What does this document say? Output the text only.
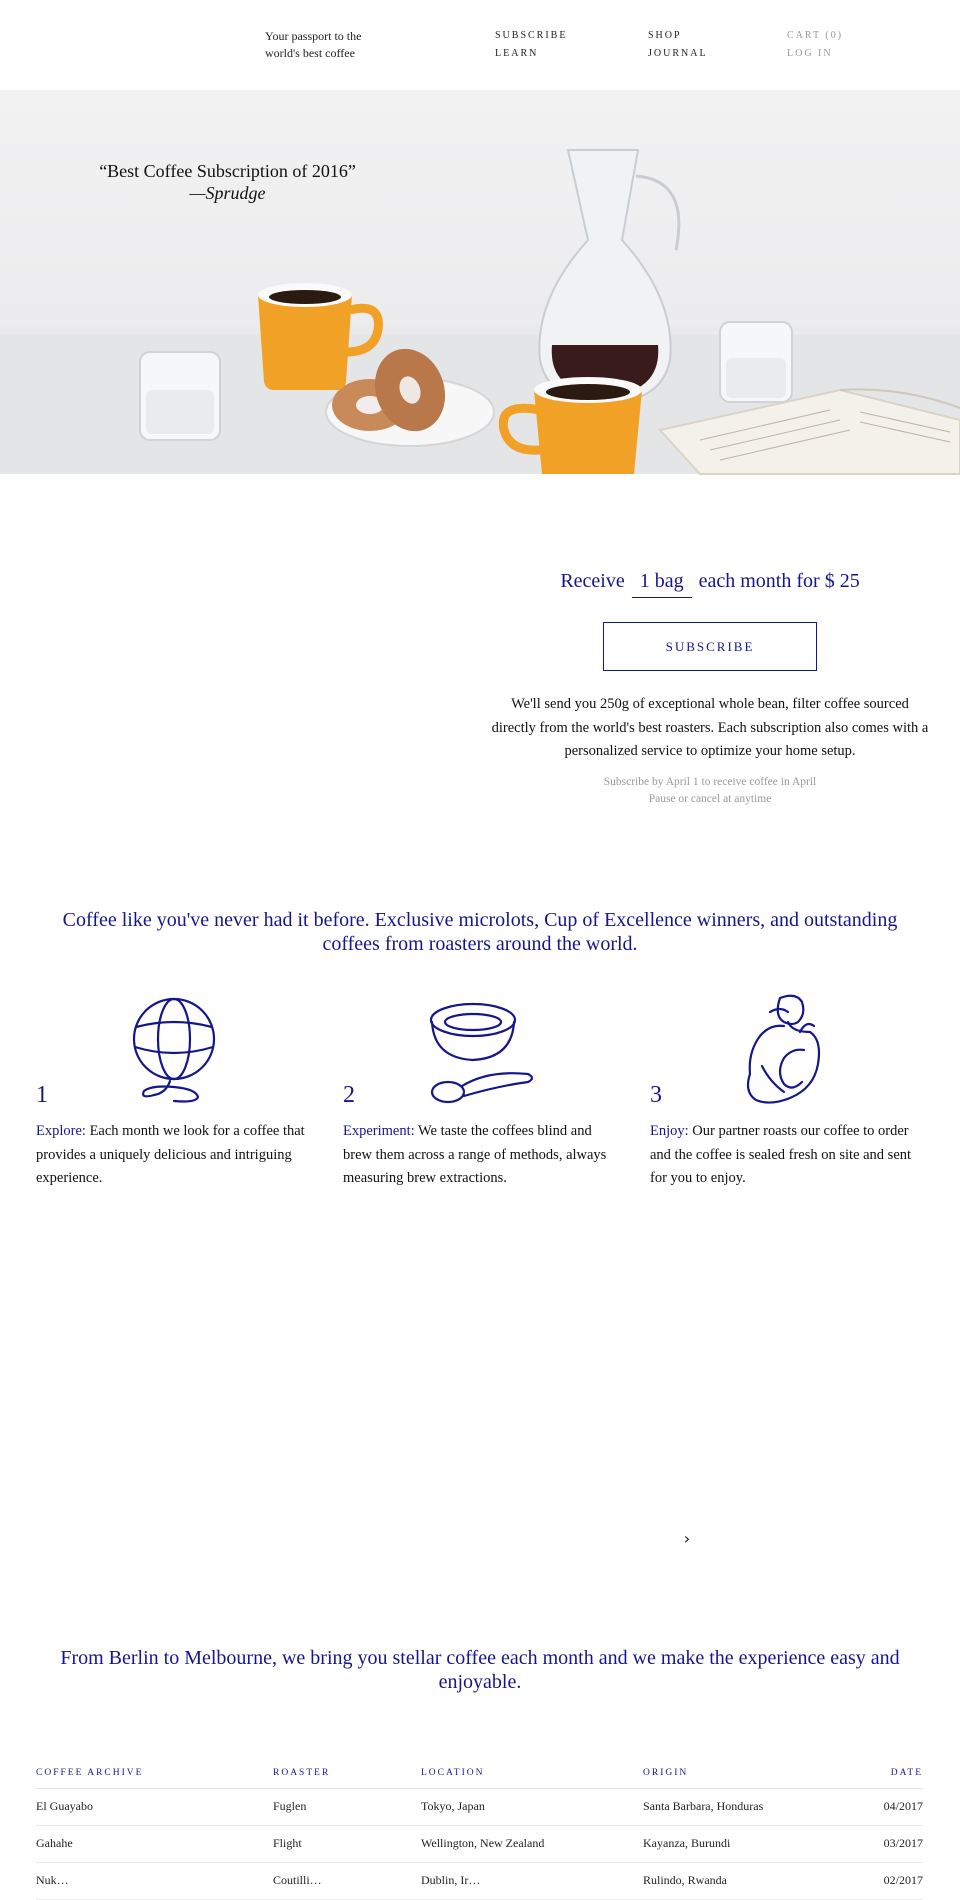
Your passport to the world's best coffee
SUBSCRIBE
LEARN
SHOP
JOURNAL
CART (0)
LOG IN
“Best Coffee Subscription of 2016”
—Sprudge
Receive 1 bag each month for $ 25
SUBSCRIBE
We'll send you 250g of exceptional whole bean, filter coffee sourced directly from the world's best roasters. Each subscription also comes with a personalized service to optimize your home setup.
Subscribe by April 1 to receive coffee in April
Pause or cancel at anytime
Coffee like you've never had it before. Exclusive microlots, Cup of Excellence winners, and outstanding coffees from roasters around the world.
1
Explore: Each month we look for a coffee that provides a uniquely delicious and intriguing experience.
2
Experiment: We taste the coffees blind and brew them across a range of methods, always measuring brew extractions.
3
Enjoy: Our partner roasts our coffee to order and the coffee is sealed fresh on site and sent for you to enjoy.
›
From Berlin to Melbourne, we bring you stellar coffee each month and we make the experience easy and enjoyable.
COFFEE ARCHIVE	ROASTER	LOCATION	ORIGIN	DATE
El Guayabo	Fuglen	Tokyo, Japan	Santa Barbara, Honduras	04/2017
Gahahe	Flight	Wellington, New Zealand	Kayanza, Burundi	03/2017
Nuk…	Coutilli…	Dublin, Ir…	Rulindo, Rwanda	02/2017
